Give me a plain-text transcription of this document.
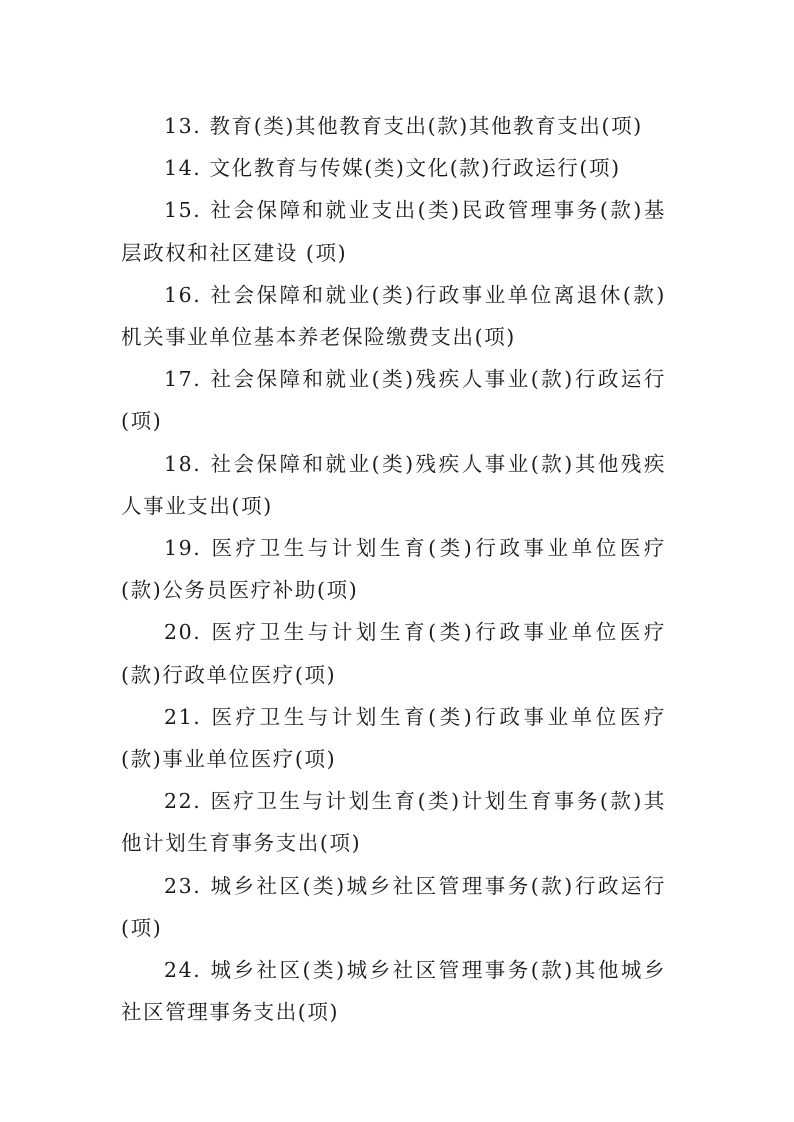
13. 教育(类)其他教育支出(款)其他教育支出(项)

14. 文化教育与传媒(类)文化(款)行政运行(项)

15. 社会保障和就业支出(类)民政管理事务(款)基层政权和社区建设 (项)

16. 社会保障和就业(类)行政事业单位离退休(款)机关事业单位基本养老保险缴费支出(项)

17. 社会保障和就业(类)残疾人事业(款)行政运行(项)

18. 社会保障和就业(类)残疾人事业(款)其他残疾人事业支出(项)

19. 医疗卫生与计划生育(类)行政事业单位医疗(款)公务员医疗补助(项)

20. 医疗卫生与计划生育(类)行政事业单位医疗(款)行政单位医疗(项)

21. 医疗卫生与计划生育(类)行政事业单位医疗(款)事业单位医疗(项)

22. 医疗卫生与计划生育(类)计划生育事务(款)其他计划生育事务支出(项)

23. 城乡社区(类)城乡社区管理事务(款)行政运行(项)

24. 城乡社区(类)城乡社区管理事务(款)其他城乡社区管理事务支出(项)
